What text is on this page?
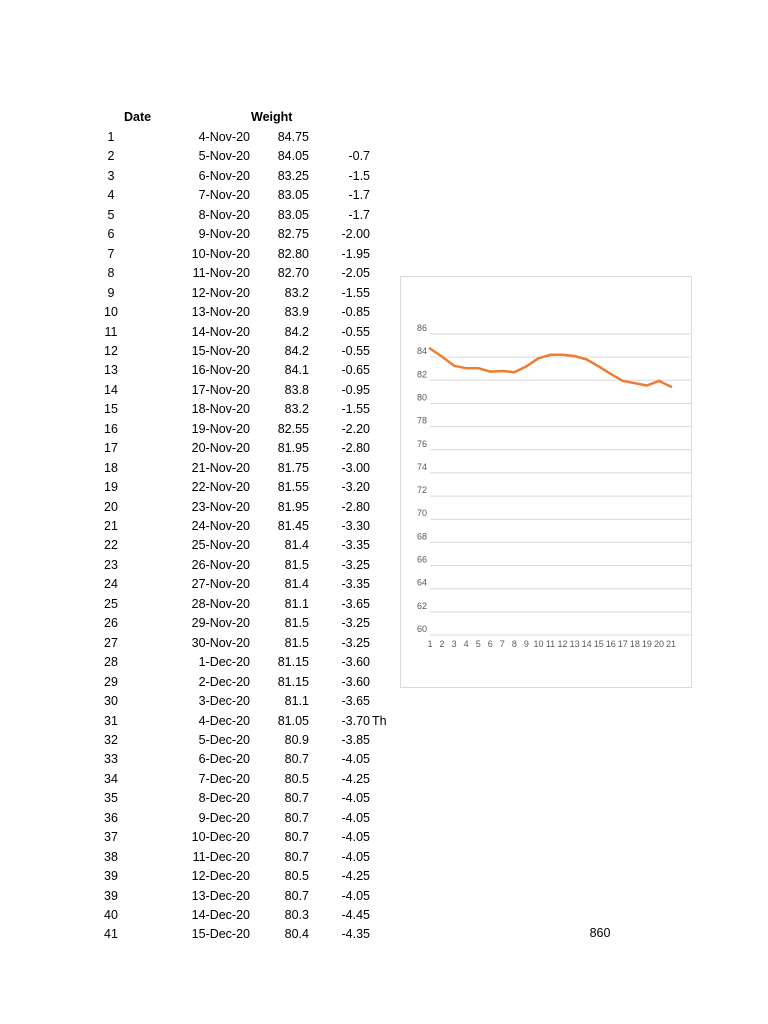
Date	Weight
1	4-Nov-20	84.75
2	5-Nov-20	84.05	-0.7
3	6-Nov-20	83.25	-1.5
4	7-Nov-20	83.05	-1.7
5	8-Nov-20	83.05	-1.7
6	9-Nov-20	82.75	-2.00
7	10-Nov-20	82.80	-1.95
8	11-Nov-20	82.70	-2.05
9	12-Nov-20	83.2	-1.55
10	13-Nov-20	83.9	-0.85
11	14-Nov-20	84.2	-0.55
12	15-Nov-20	84.2	-0.55
13	16-Nov-20	84.1	-0.65
14	17-Nov-20	83.8	-0.95
15	18-Nov-20	83.2	-1.55
16	19-Nov-20	82.55	-2.20
17	20-Nov-20	81.95	-2.80
18	21-Nov-20	81.75	-3.00
19	22-Nov-20	81.55	-3.20
20	23-Nov-20	81.95	-2.80
21	24-Nov-20	81.45	-3.30
22	25-Nov-20	81.4	-3.35
23	26-Nov-20	81.5	-3.25
24	27-Nov-20	81.4	-3.35
25	28-Nov-20	81.1	-3.65
26	29-Nov-20	81.5	-3.25
27	30-Nov-20	81.5	-3.25
28	1-Dec-20	81.15	-3.60
29	2-Dec-20	81.15	-3.60
30	3-Dec-20	81.1	-3.65
31	4-Dec-20	81.05	-3.70 Th
32	5-Dec-20	80.9	-3.85
33	6-Dec-20	80.7	-4.05
34	7-Dec-20	80.5	-4.25
35	8-Dec-20	80.7	-4.05
36	9-Dec-20	80.7	-4.05
37	10-Dec-20	80.7	-4.05
38	11-Dec-20	80.7	-4.05
39	12-Dec-20	80.5	-4.25
39	13-Dec-20	80.7	-4.05
40	14-Dec-20	80.3	-4.45
41	15-Dec-20	80.4	-4.35
60
62
64
66
68
70
72
74
76
78
80
82
84
86
1 2 3 4 5 6 7 8 9 10 11 12 13 14 15 16 17 18 19 20 21
860
